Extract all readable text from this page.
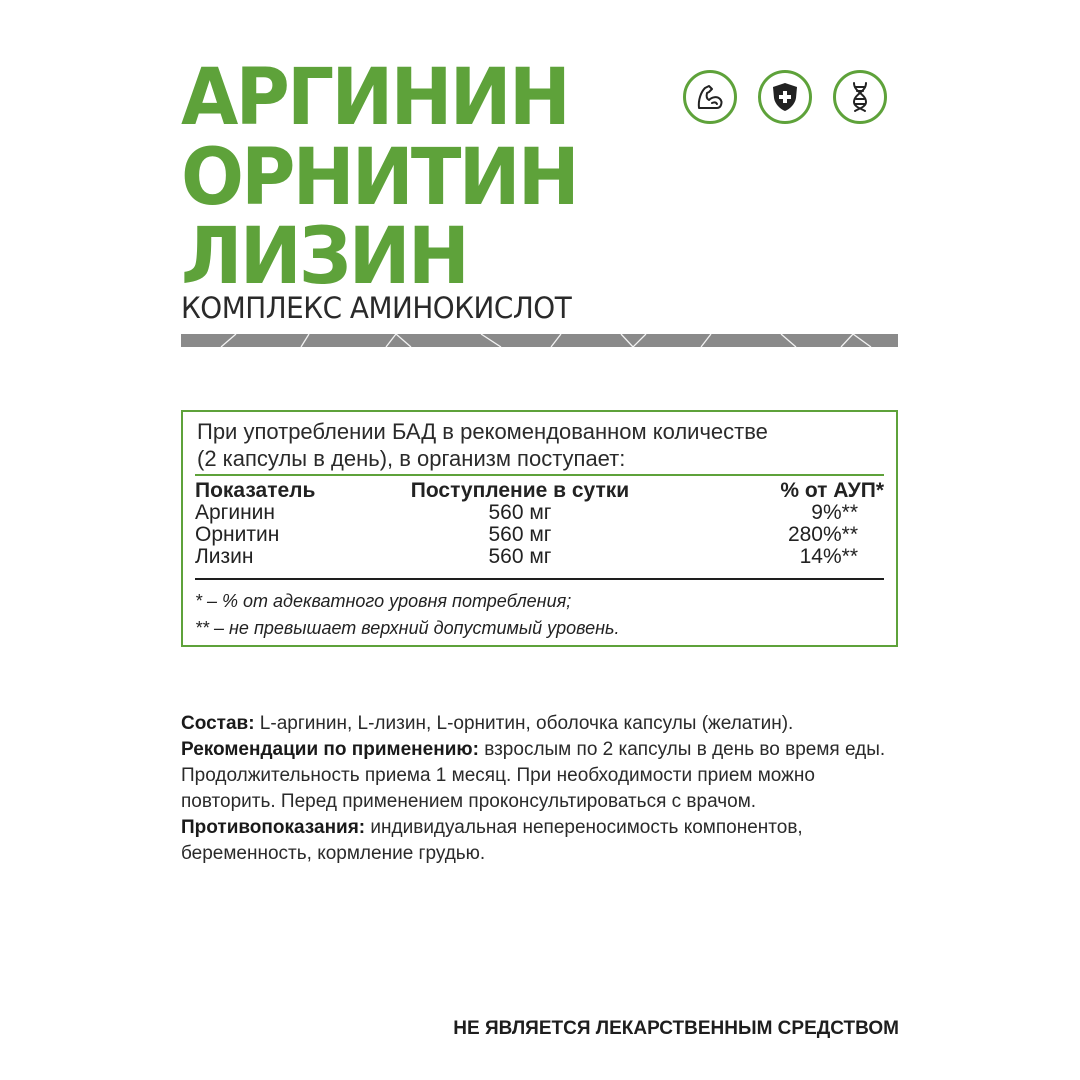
АРГИНИН
ОРНИТИН
ЛИЗИН

КОМПЛЕКС АМИНОКИСЛОТ

При употреблении БАД в рекомендованном количестве
(2 капсулы в день), в организм поступает:

Показатель	Поступление в сутки	% от АУП*
Аргинин	560 мг	9%**
Орнитин	560 мг	280%**
Лизин	560 мг	14%**
* – % от адекватного уровня потребления;
** – не превышает верхний допустимый уровень.
Состав: L-аргинин, L-лизин, L-орнитин, оболочка капсулы (желатин).
Рекомендации по применению: взрослым по 2 капсулы в день во время еды. Продолжительность приема 1 месяц. При необходимости прием можно повторить. Перед применением проконсультироваться с врачом.
Противопоказания: индивидуальная непереносимость компонентов, беременность, кормление грудью.
НЕ ЯВЛЯЕТСЯ ЛЕКАРСТВЕННЫМ СРЕДСТВОМ
